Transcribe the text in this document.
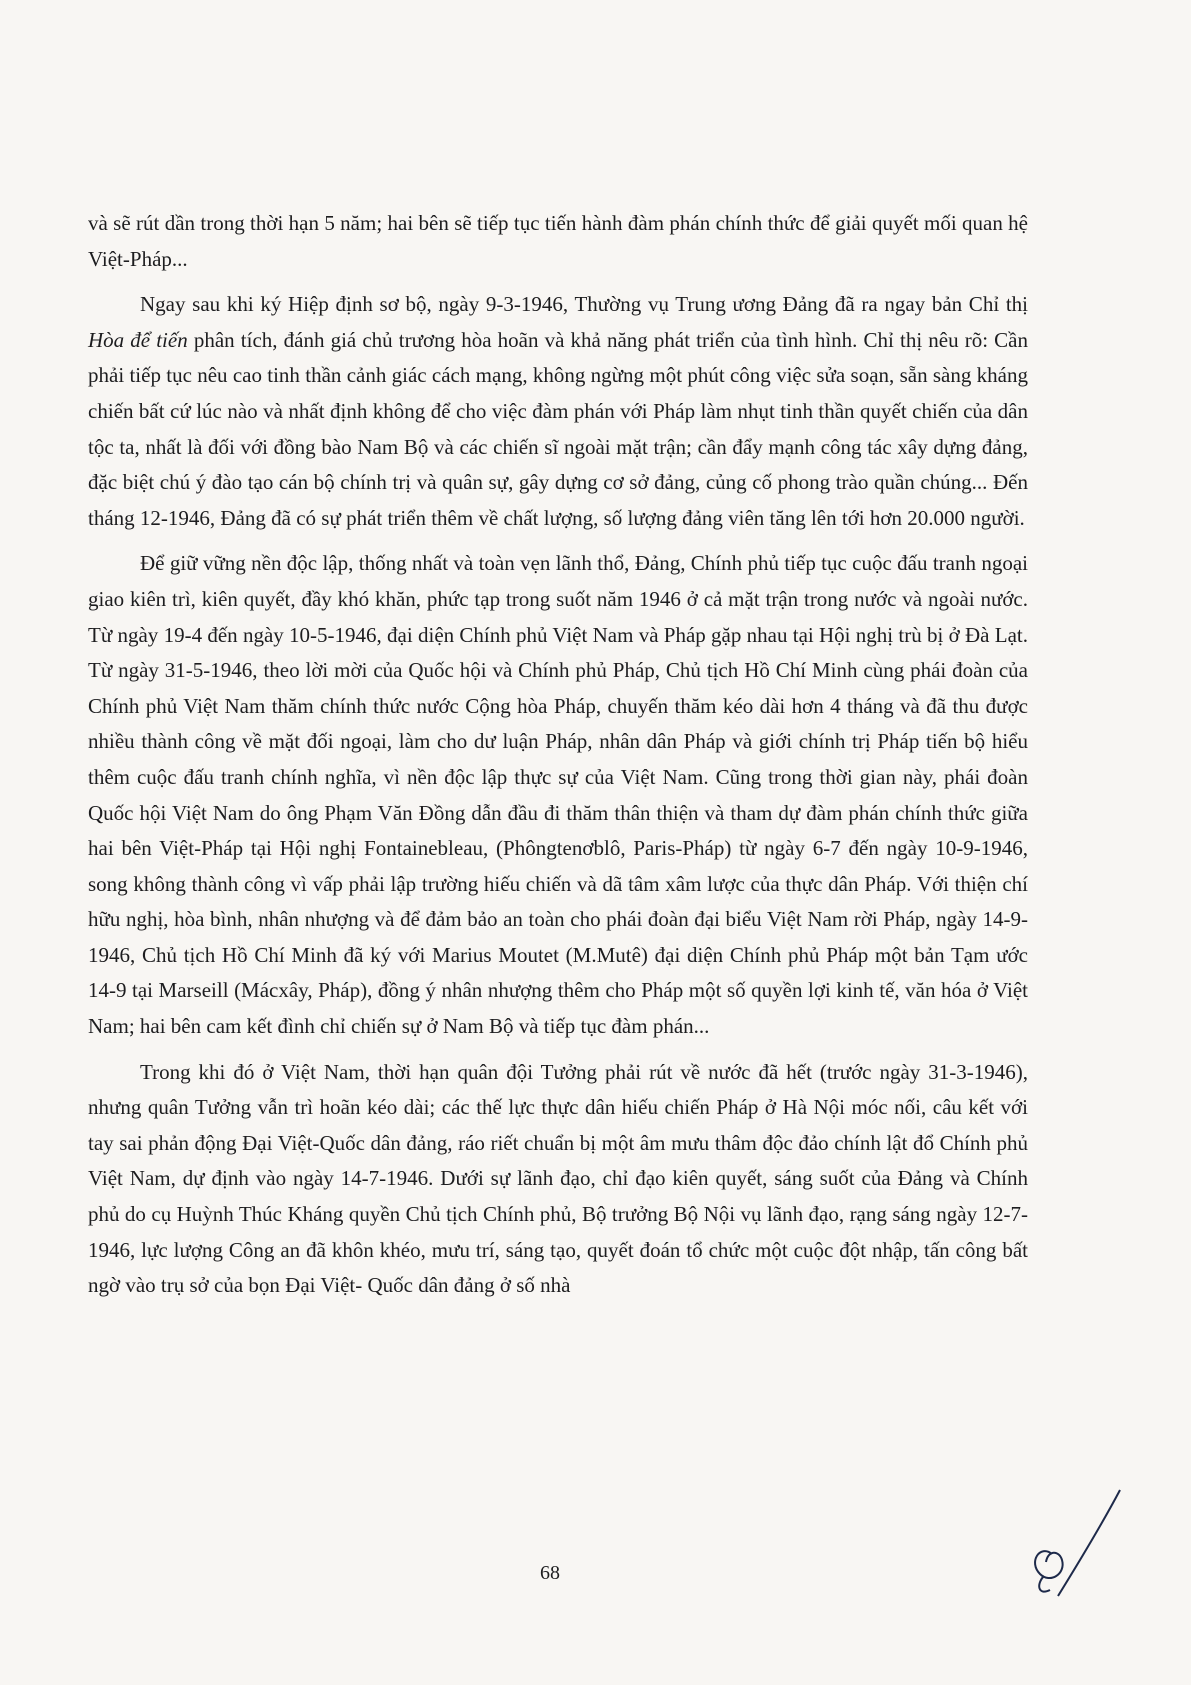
và sẽ rút dần trong thời hạn 5 năm; hai bên sẽ tiếp tục tiến hành đàm phán chính thức để giải quyết mối quan hệ Việt-Pháp...

Ngay sau khi ký Hiệp định sơ bộ, ngày 9-3-1946, Thường vụ Trung ương Đảng đã ra ngay bản Chỉ thị Hòa để tiến phân tích, đánh giá chủ trương hòa hoãn và khả năng phát triển của tình hình. Chỉ thị nêu rõ: Cần phải tiếp tục nêu cao tinh thần cảnh giác cách mạng, không ngừng một phút công việc sửa soạn, sẵn sàng kháng chiến bất cứ lúc nào và nhất định không để cho việc đàm phán với Pháp làm nhụt tinh thần quyết chiến của dân tộc ta, nhất là đối với đồng bào Nam Bộ và các chiến sĩ ngoài mặt trận; cần đẩy mạnh công tác xây dựng đảng, đặc biệt chú ý đào tạo cán bộ chính trị và quân sự, gây dựng cơ sở đảng, củng cố phong trào quần chúng... Đến tháng 12-1946, Đảng đã có sự phát triển thêm về chất lượng, số lượng đảng viên tăng lên tới hơn 20.000 người.

Để giữ vững nền độc lập, thống nhất và toàn vẹn lãnh thổ, Đảng, Chính phủ tiếp tục cuộc đấu tranh ngoại giao kiên trì, kiên quyết, đầy khó khăn, phức tạp trong suốt năm 1946 ở cả mặt trận trong nước và ngoài nước. Từ ngày 19-4 đến ngày 10-5-1946, đại diện Chính phủ Việt Nam và Pháp gặp nhau tại Hội nghị trù bị ở Đà Lạt. Từ ngày 31-5-1946, theo lời mời của Quốc hội và Chính phủ Pháp, Chủ tịch Hồ Chí Minh cùng phái đoàn của Chính phủ Việt Nam thăm chính thức nước Cộng hòa Pháp, chuyến thăm kéo dài hơn 4 tháng và đã thu được nhiều thành công về mặt đối ngoại, làm cho dư luận Pháp, nhân dân Pháp và giới chính trị Pháp tiến bộ hiểu thêm cuộc đấu tranh chính nghĩa, vì nền độc lập thực sự của Việt Nam. Cũng trong thời gian này, phái đoàn Quốc hội Việt Nam do ông Phạm Văn Đồng dẫn đầu đi thăm thân thiện và tham dự đàm phán chính thức giữa hai bên Việt-Pháp tại Hội nghị Fontainebleau, (Phôngtenơblô, Paris-Pháp) từ ngày 6-7 đến ngày 10-9-1946, song không thành công vì vấp phải lập trường hiếu chiến và dã tâm xâm lược của thực dân Pháp. Với thiện chí hữu nghị, hòa bình, nhân nhượng và để đảm bảo an toàn cho phái đoàn đại biểu Việt Nam rời Pháp, ngày 14-9-1946, Chủ tịch Hồ Chí Minh đã ký với Marius Moutet (M.Mutê) đại diện Chính phủ Pháp một bản Tạm ước 14-9 tại Marseill (Mácxây, Pháp), đồng ý nhân nhượng thêm cho Pháp một số quyền lợi kinh tế, văn hóa ở Việt Nam; hai bên cam kết đình chỉ chiến sự ở Nam Bộ và tiếp tục đàm phán...

Trong khi đó ở Việt Nam, thời hạn quân đội Tưởng phải rút về nước đã hết (trước ngày 31-3-1946), nhưng quân Tưởng vẫn trì hoãn kéo dài; các thế lực thực dân hiếu chiến Pháp ở Hà Nội móc nối, câu kết với tay sai phản động Đại Việt-Quốc dân đảng, ráo riết chuẩn bị một âm mưu thâm độc đảo chính lật đổ Chính phủ Việt Nam, dự định vào ngày 14-7-1946. Dưới sự lãnh đạo, chỉ đạo kiên quyết, sáng suốt của Đảng và Chính phủ do cụ Huỳnh Thúc Kháng quyền Chủ tịch Chính phủ, Bộ trưởng Bộ Nội vụ lãnh đạo, rạng sáng ngày 12-7-1946, lực lượng Công an đã khôn khéo, mưu trí, sáng tạo, quyết đoán tổ chức một cuộc đột nhập, tấn công bất ngờ vào trụ sở của bọn Đại Việt- Quốc dân đảng ở số nhà

68
